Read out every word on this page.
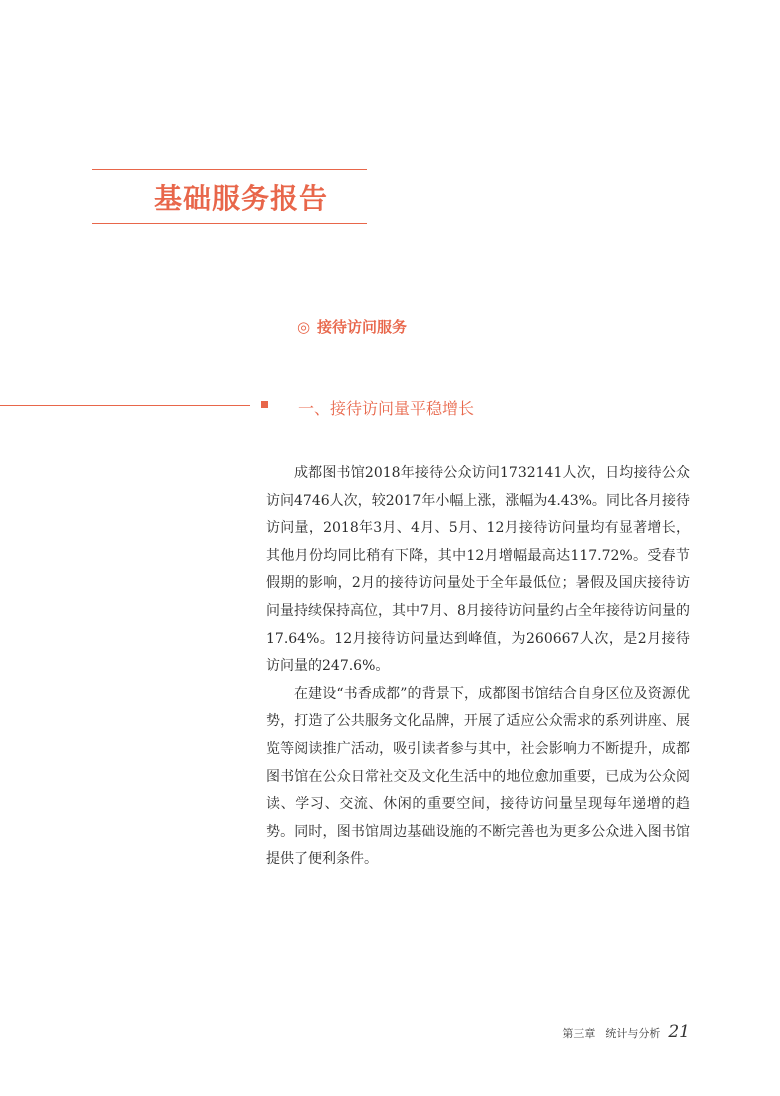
基础服务报告
◎ 接待访问服务
一、接待访问量平稳增长

成都图书馆2018年接待公众访问1732141人次，日均接待公众访问4746人次，较2017年小幅上涨，涨幅为4.43%。同比各月接待访问量，2018年3月、4月、5月、12月接待访问量均有显著增长，其他月份均同比稍有下降，其中12月增幅最高达117.72%。受春节假期的影响，2月的接待访问量处于全年最低位；暑假及国庆接待访问量持续保持高位，其中7月、8月接待访问量约占全年接待访问量的17.64%。12月接待访问量达到峰值，为260667人次，是2月接待访问量的247.6%。

在建设“书香成都”的背景下，成都图书馆结合自身区位及资源优势，打造了公共服务文化品牌，开展了适应公众需求的系列讲座、展览等阅读推广活动，吸引读者参与其中，社会影响力不断提升，成都图书馆在公众日常社交及文化生活中的地位愈加重要，已成为公众阅读、学习、交流、休闲的重要空间，接待访问量呈现每年递增的趋势。同时，图书馆周边基础设施的不断完善也为更多公众进入图书馆提供了便利条件。

第三章 统计与分析 21
